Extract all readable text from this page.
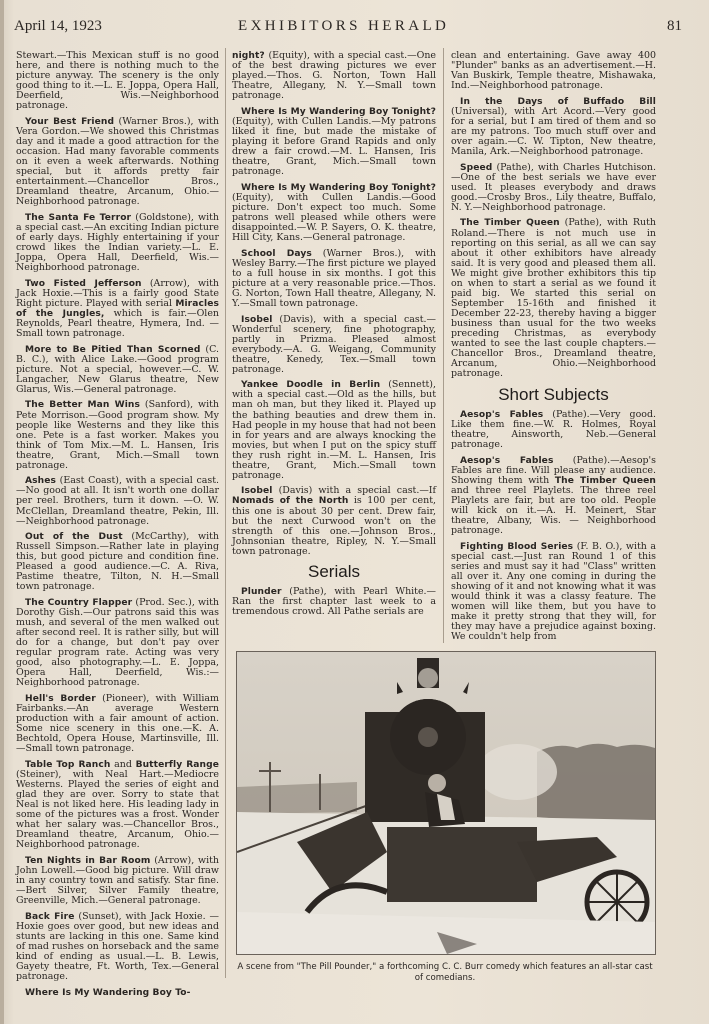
April 14, 1923	EXHIBITORS HERALD	81

Stewart.—This Mexican stuff is no good here, and there is nothing much to the picture anyway. The scenery is the only good thing to it.—L. E. Joppa, Opera Hall, Deerfield, Wis.—Neighborhood patronage.

Your Best Friend (Warner Bros.), with Vera Gordon.—We showed this Christmas day and it made a good attraction for the occasion. Had many favorable comments on it even a week afterwards. Nothing special, but it affords pretty fair entertainment.—Chancellor Bros., Dreamland theatre, Arcanum, Ohio.—Neighborhood patronage.

The Santa Fe Terror (Goldstone), with a special cast.—An exciting Indian picture of early days. Highly entertaining if your crowd likes the Indian variety.—L. E. Joppa, Opera Hall, Deerfield, Wis.—Neighborhood patronage.

Two Fisted Jefferson (Arrow), with Jack Hoxie.—This is a fairly good State Right picture. Played with serial Miracles of the Jungles, which is fair.—Olen Reynolds, Pearl theatre, Hymera, Ind. —Small town patronage.

More to Be Pitied Than Scorned (C. B. C.), with Alice Lake.—Good program picture. Not a special, however.—C. W. Langacher, New Glarus theatre, New Glarus, Wis.—General patronage.

The Better Man Wins (Sanford), with Pete Morrison.—Good program show. My people like Westerns and they like this one. Pete is a fast worker. Makes you think of Tom Mix.—M. L. Hansen, Iris theatre, Grant, Mich.—Small town patronage.

Ashes (East Coast), with a special cast.—No good at all. It isn't worth one dollar per reel. Brothers, turn it down. —O. W. McClellan, Dreamland theatre, Pekin, Ill.—Neighborhood patronage.

Out of the Dust (McCarthy), with Russell Simpson.—Rather late in playing this, but good picture and condition fine. Pleased a good audience.—C. A. Riva, Pastime theatre, Tilton, N. H.—Small town patronage.

The Country Flapper (Prod. Sec.), with Dorothy Gish.—Our patrons said this was mush, and several of the men walked out after second reel. It is rather silly, but will do for a change, but don't pay over regular program rate. Acting was very good, also photography.—L. E. Joppa, Opera Hall, Deerfield, Wis.:—Neighborhood patronage.

Hell's Border (Pioneer), with William Fairbanks.—An average Western production with a fair amount of action. Some nice scenery in this one.—K. A. Bechtold, Opera House, Martinsville, Ill. —Small town patronage.

Table Top Ranch and Butterfly Range (Steiner), with Neal Hart.—Mediocre Westerns. Played the series of eight and glad they are over. Sorry to state that Neal is not liked here. His leading lady in some of the pictures was a frost. Wonder what her salary was.—Chancellor Bros., Dreamland theatre, Arcanum, Ohio.—Neighborhood patronage.

Ten Nights in Bar Room (Arrow), with John Lowell.—Good big picture. Will draw in any country town and satisfy. Star fine.—Bert Silver, Silver Family theatre, Greenville, Mich.—General patronage.

Back Fire (Sunset), with Jack Hoxie. —Hoxie goes over good, but new ideas and stunts are lacking in this one. Same kind of mad rushes on horseback and the same kind of ending as usual.—L. B. Lewis, Gayety theatre, Ft. Worth, Tex.—General patronage.

Where Is My Wandering Boy To-

night? (Equity), with a special cast.—One of the best drawing pictures we ever played.—Thos. G. Norton, Town Hall Theatre, Allegany, N. Y.—Small town patronage.

Where Is My Wandering Boy Tonight? (Equity), with Cullen Landis.—My patrons liked it fine, but made the mistake of playing it before Grand Rapids and only drew a fair crowd.—M. L. Hansen, Iris theatre, Grant, Mich.—Small town patronage.

Where Is My Wandering Boy Tonight? (Equity), with Cullen Landis.—Good picture. Don't expect too much. Some patrons well pleased while others were disappointed.—W. P. Sayers, O. K. theatre, Hill City, Kans.—General patronage.

School Days (Warner Bros.), with Wesley Barry.—The first picture we played to a full house in six months. I got this picture at a very reasonable price.—Thos. G. Norton, Town Hall theatre, Allegany, N. Y.—Small town patronage.

Isobel (Davis), with a special cast.—Wonderful scenery, fine photography, partly in Prizma. Pleased almost everybody.—A. G. Weigang, Community theatre, Kenedy, Tex.—Small town patronage.

Yankee Doodle in Berlin (Sennett), with a special cast.—Old as the hills, but man oh man, but they liked it. Played up the bathing beauties and drew them in. Had people in my house that had not been in for years and are always knocking the movies, but when I put on the spicy stuff they rush right in.—M. L. Hansen, Iris theatre, Grant, Mich.—Small town patronage.

Isobel (Davis) with a special cast.—If Nomads of the North is 100 per cent, this one is about 30 per cent. Drew fair, but the next Curwood won't on the strength of this one.—Johnson Bros., Johnsonian theatre, Ripley, N. Y.—Small town patronage.

Serials

Plunder (Pathe), with Pearl White.—Ran the first chapter last week to a tremendous crowd. All Pathe serials are

clean and entertaining. Gave away 400 "Plunder" banks as an advertisement.—H. Van Buskirk, Temple theatre, Mishawaka, Ind.—Neighborhood patronage.

In the Days of Buffado Bill (Universal), with Art Acord.—Very good for a serial, but I am tired of them and so are my patrons. Too much stuff over and over again.—C. W. Tipton, New theatre, Manila, Ark.—Neighborhood patronage.

Speed (Pathe), with Charles Hutchison.—One of the best serials we have ever used. It pleases everybody and draws good.—Crosby Bros., Lily theatre, Buffalo, N. Y.—Neighborhood patronage.

The Timber Queen (Pathe), with Ruth Roland.—There is not much use in reporting on this serial, as all we can say about it other exhibitors have already said. It is very good and pleased them all. We might give brother exhibitors this tip on when to start a serial as we found it paid big. We started this serial on September 15-16th and finished it December 22-23, thereby having a bigger business than usual for the two weeks preceding Christmas, as everybody wanted to see the last couple chapters.—Chancellor Bros., Dreamland theatre, Arcanum, Ohio.—Neighborhood patronage.

Short Subjects

Aesop's Fables (Pathe).—Very good. Like them fine.—W. R. Holmes, Royal theatre, Ainsworth, Neb.—General patronage.

Aesop's Fables (Pathe).—Aesop's Fables are fine. Will please any audience. Showing them with The Timber Queen and three reel Playlets. The three reel Playlets are fair, but are too old. People will kick on it.—A. H. Meinert, Star theatre, Albany, Wis. — Neighborhood patronage.

Fighting Blood Series (F. B. O.), with a special cast.—Just ran Round 1 of this series and must say it had "Class" written all over it. Any one coming in during the showing of it and not knowing what it was would think it was a classy feature. The women will like them, but you have to make it pretty strong that they will, for they may have a prejudice against boxing. We couldn't help from

A scene from "The Pill Pounder," a forthcoming C. C. Burr comedy which features an all-star cast of comedians.
